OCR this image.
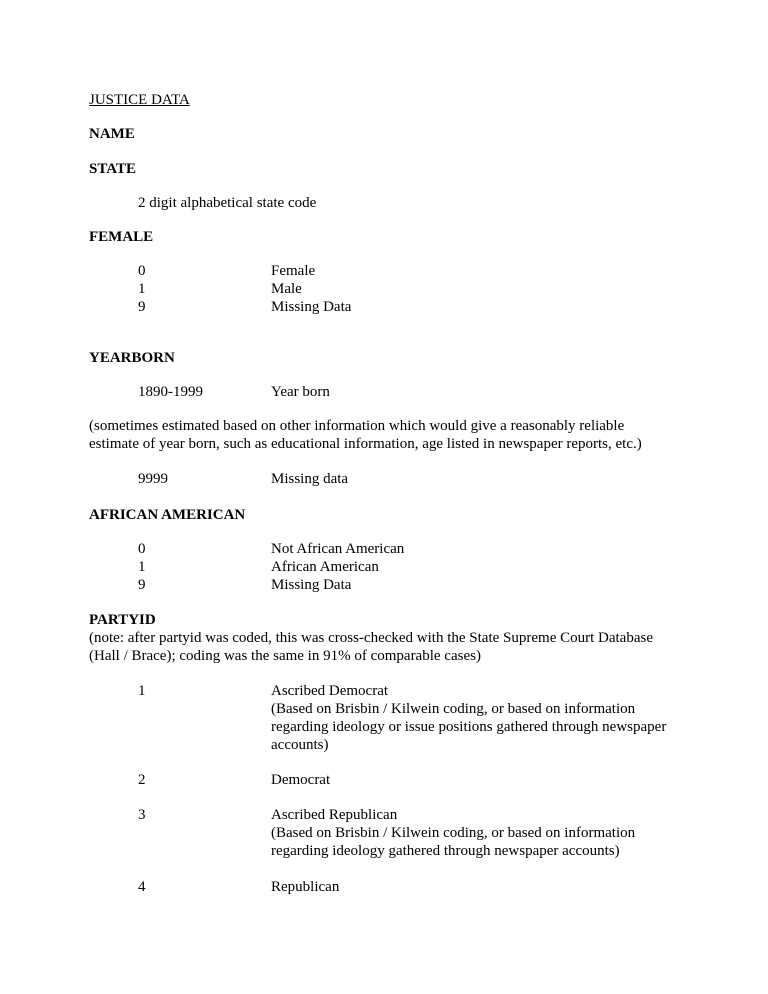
JUSTICE DATA
NAME
STATE
2 digit alphabetical state code
FEMALE
0	Female
1	Male
9	Missing Data
YEARBORN
1890-1999	Year born
(sometimes estimated based on other information which would give a reasonably reliable
estimate of year born, such as educational information, age listed in newspaper reports, etc.)
9999	Missing data
AFRICAN AMERICAN
0	Not African American
1	African American
9	Missing Data
PARTYID
(note: after partyid was coded, this was cross-checked with the State Supreme Court Database
(Hall / Brace); coding was the same in 91% of comparable cases)
1	Ascribed Democrat
(Based on Brisbin / Kilwein coding, or based on information
regarding ideology or issue positions gathered through newspaper
accounts)
2	Democrat
3	Ascribed Republican
(Based on Brisbin / Kilwein coding, or based on information
regarding ideology gathered through newspaper accounts)
4	Republican
